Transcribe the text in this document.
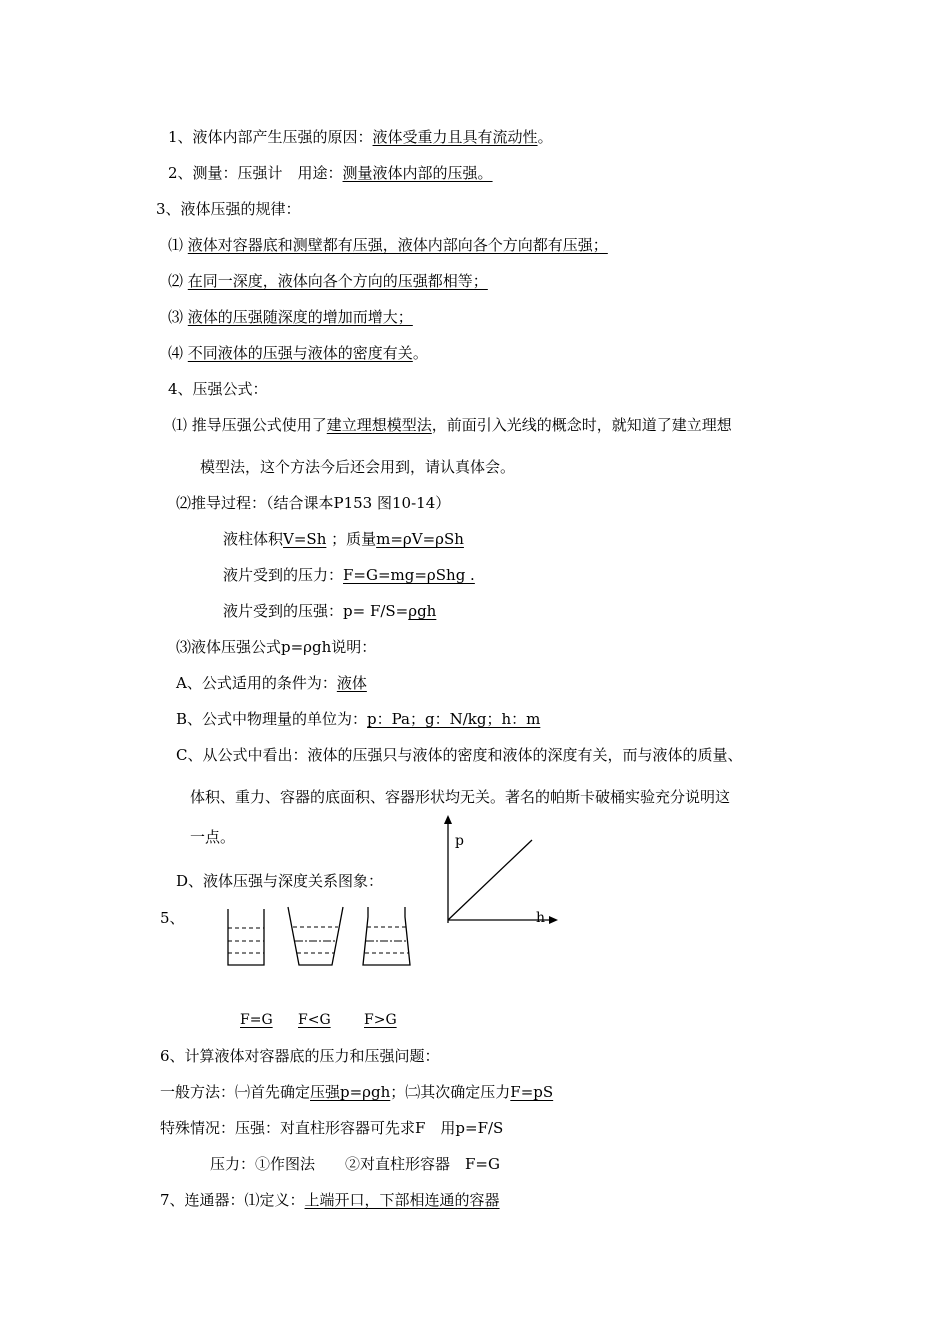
1、液体内部产生压强的原因：液体受重力且具有流动性。
2、测量：压强计　用途：测量液体内部的压强。
3、液体压强的规律：
⑴ 液体对容器底和测壁都有压强，液体内部向各个方向都有压强；
⑵ 在同一深度，液体向各个方向的压强都相等；
⑶ 液体的压强随深度的增加而增大；
⑷ 不同液体的压强与液体的密度有关。
4、压强公式：
⑴ 推导压强公式使用了建立理想模型法，前面引入光线的概念时，就知道了建立理想
模型法，这个方法今后还会用到，请认真体会。
⑵推导过程：（结合课本P153 图10-14）
液柱体积V=Sh ；质量m=ρV=ρSh
液片受到的压力：F=G=mg=ρShg .
液片受到的压强：p= F/S=ρgh
⑶液体压强公式p=ρgh说明：
A、公式适用的条件为：液体
B、公式中物理量的单位为：p：Pa；g：N/kg；h：m
C、从公式中看出：液体的压强只与液体的密度和液体的深度有关，而与液体的质量、
体积、重力、容器的底面积、容器形状均无关。著名的帕斯卡破桶实验充分说明这
一点。
D、液体压强与深度关系图象：
p
h
5、
F=G F<G F>G
6、计算液体对容器底的压力和压强问题：
一般方法：㈠首先确定压强p=ρgh；㈡其次确定压力F=pS
特殊情况：压强：对直柱形容器可先求F　用p=F/S
压力：①作图法　　②对直柱形容器　F=G
7、连通器：⑴定义：上端开口，下部相连通的容器
